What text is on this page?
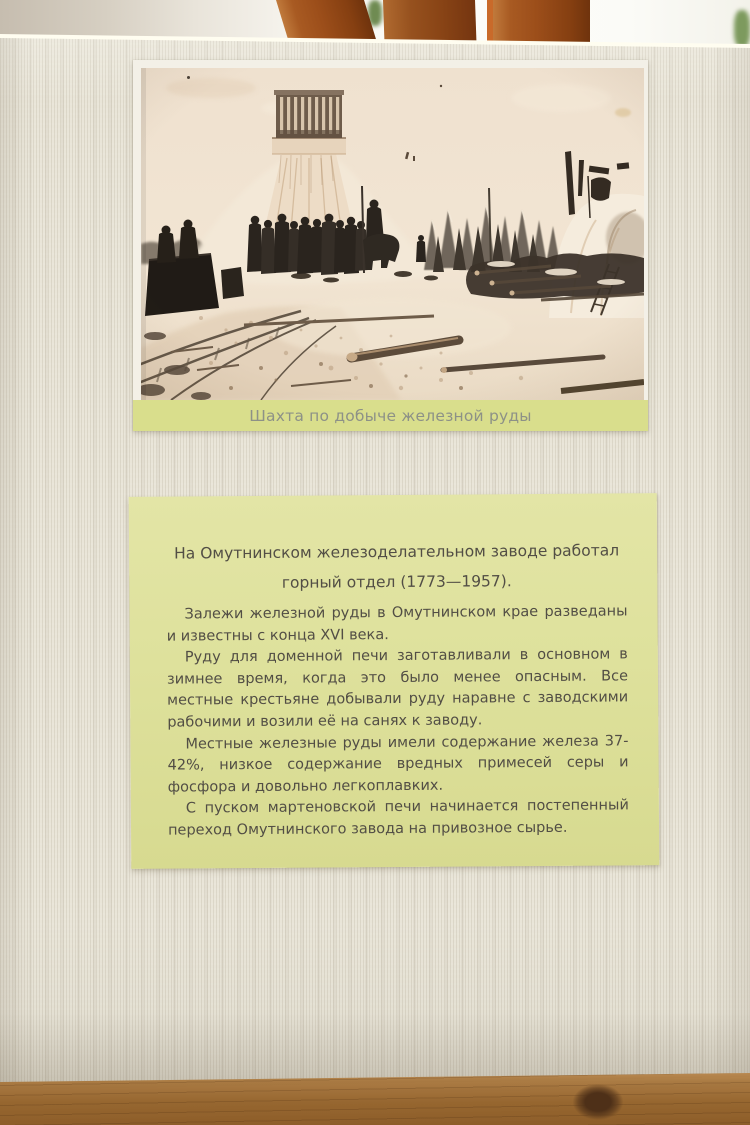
Шахта по добыче железной руды
На Омутнинском железоделательном заводе работал
горный отдел (1773—1957).

Залежи железной руды в Омутнинском крае разведаны и известны с конца XVI века.

Руду для доменной печи заготавливали в основном в зимнее время, когда это было менее опасным. Все местные крестьяне добывали руду наравне с заводскими рабочими и возили её на санях к заводу.

Местные железные руды имели содержание железа 37-42%, низкое содержание вредных примесей серы и фосфора и довольно легкоплавких.

С пуском мартеновской печи начинается постепенный переход Омутнинского завода на привозное сырье.
